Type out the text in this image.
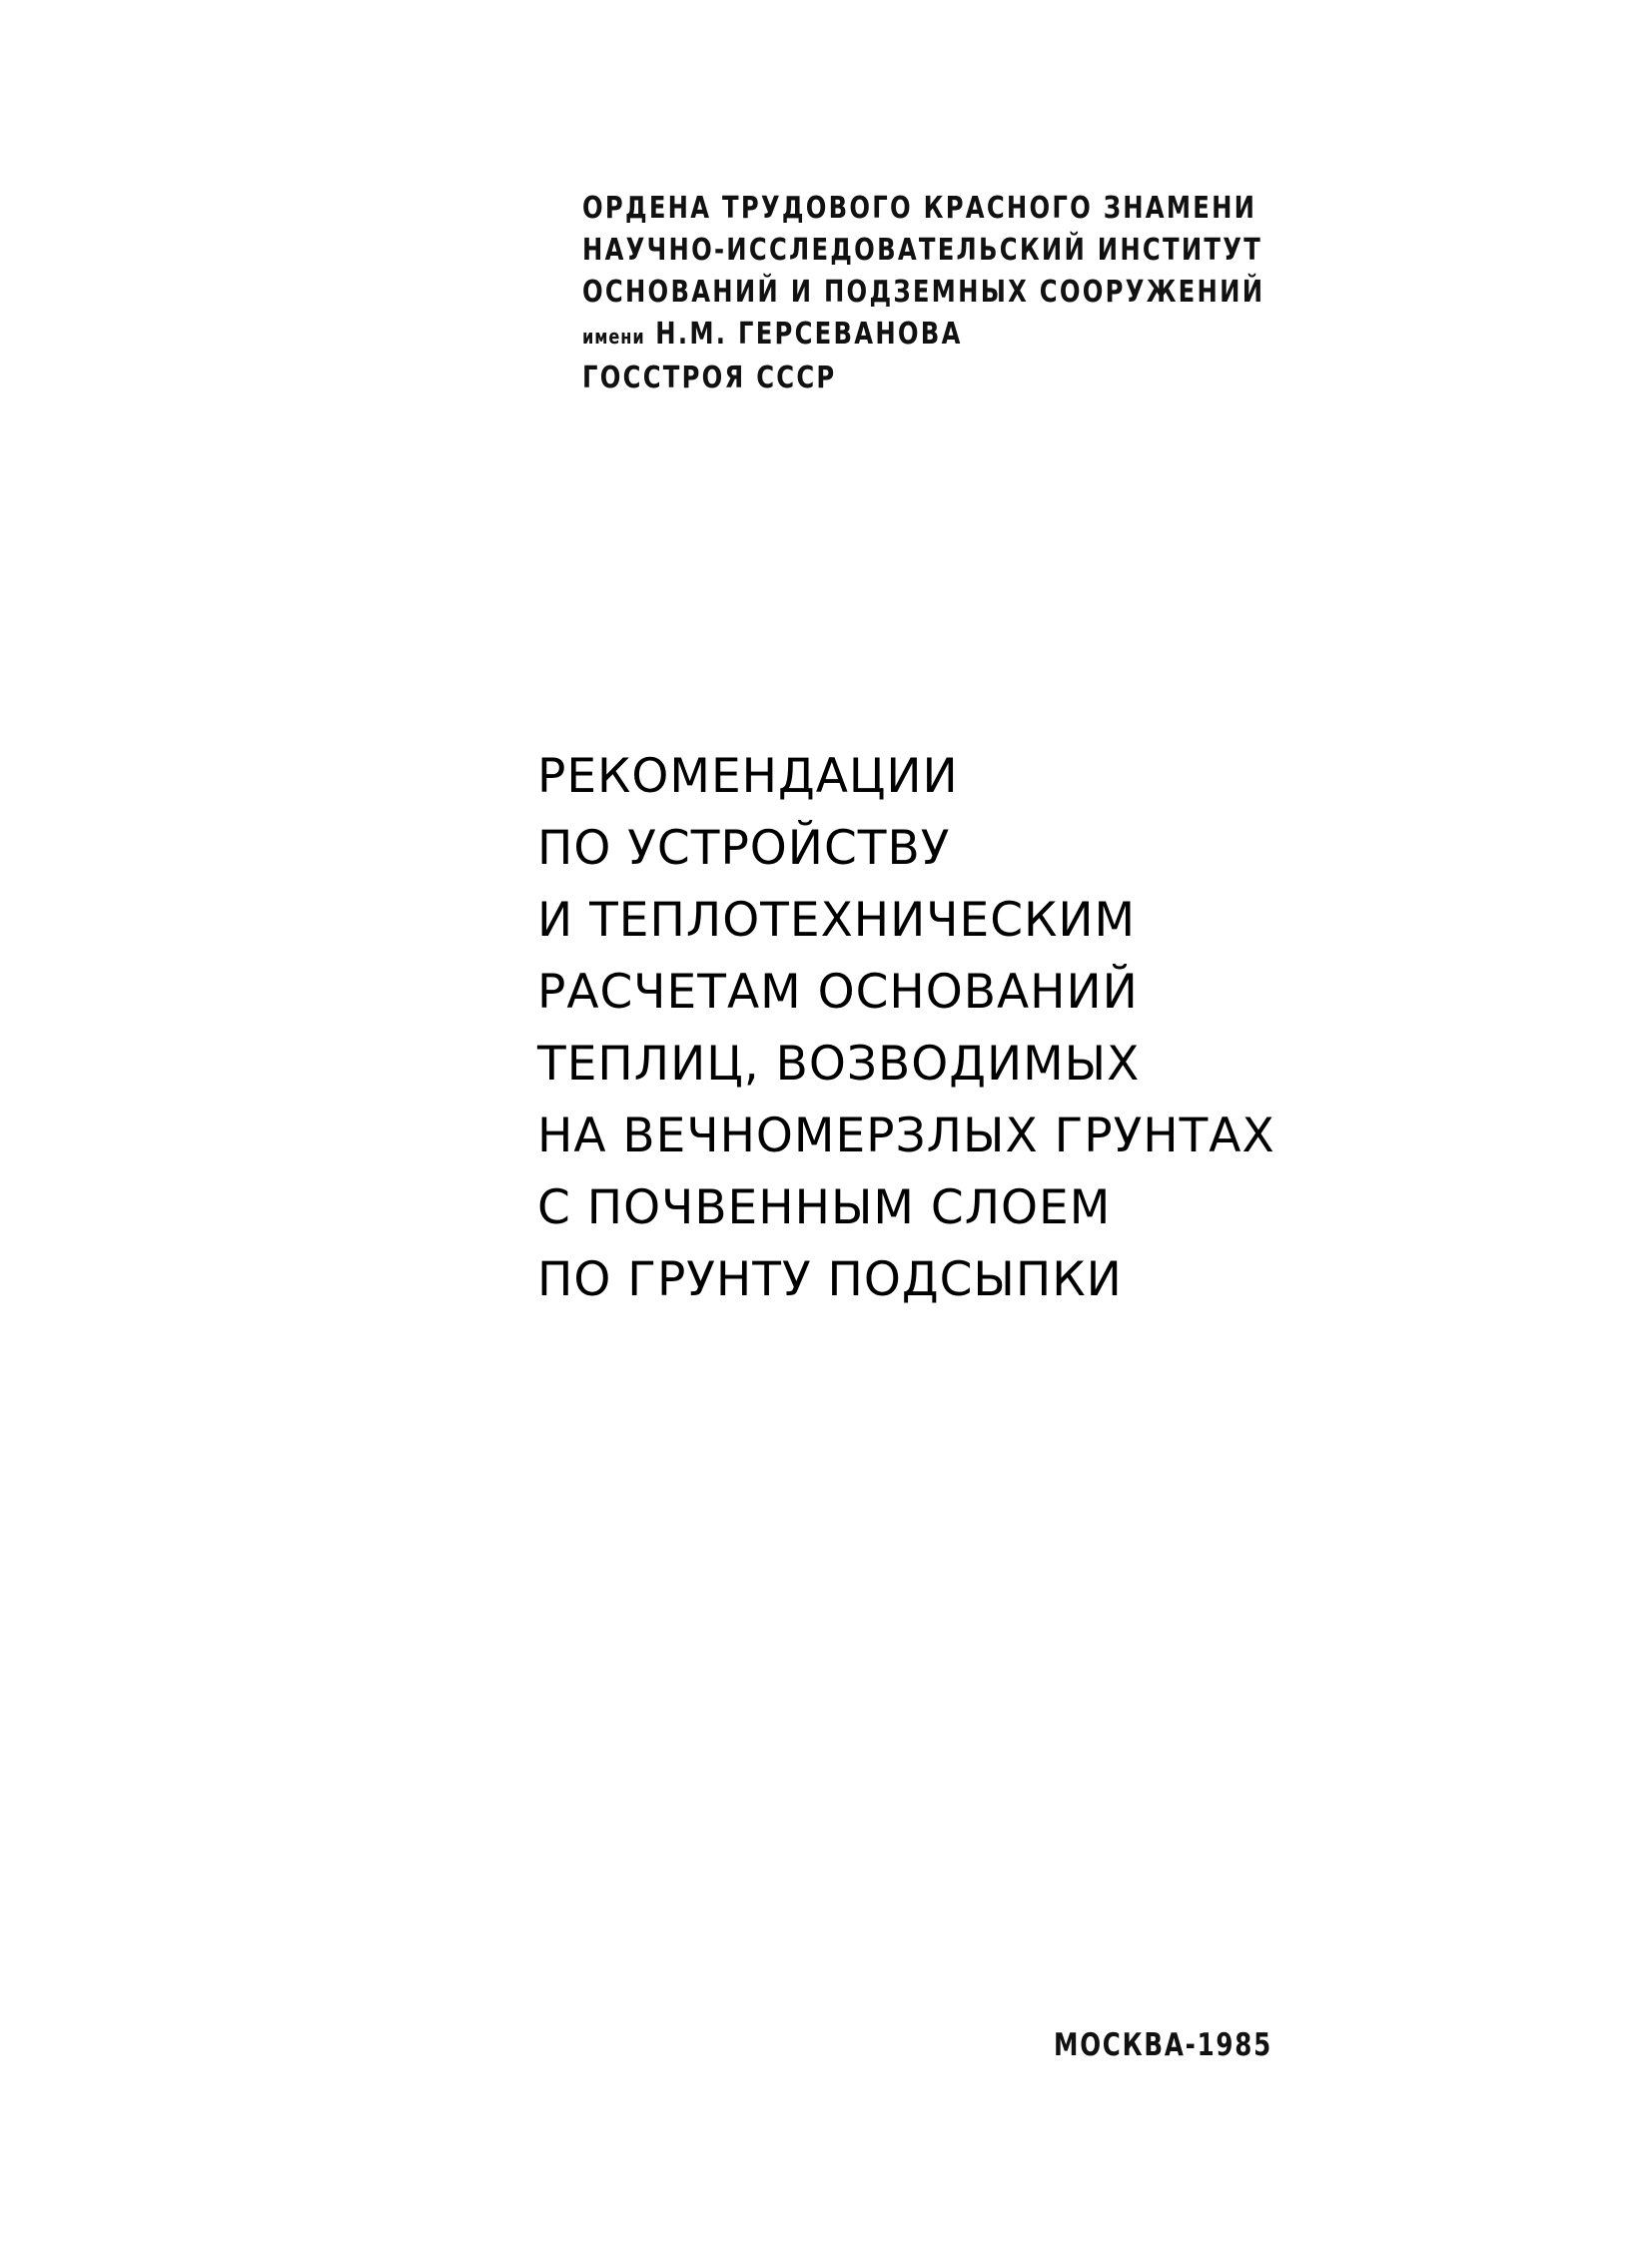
ОРДЕНА ТРУДОВОГО КРАСНОГО ЗНАМЕНИ
НАУЧНО-ИССЛЕДОВАТЕЛЬСКИЙ ИНСТИТУТ
ОСНОВАНИЙ И ПОДЗЕМНЫХ СООРУЖЕНИЙ
имени Н.М. ГЕРСЕВАНОВА
ГОССТРОЯ СССР
РЕКОМЕНДАЦИИ
ПО УСТРОЙСТВУ
И ТЕПЛОТЕХНИЧЕСКИМ
РАСЧЕТАМ ОСНОВАНИЙ
ТЕПЛИЦ, ВОЗВОДИМЫХ
НА ВЕЧНОМЕРЗЛЫХ ГРУНТАХ
С ПОЧВЕННЫМ СЛОЕМ
ПО ГРУНТУ ПОДСЫПКИ
МОСКВА-1985
